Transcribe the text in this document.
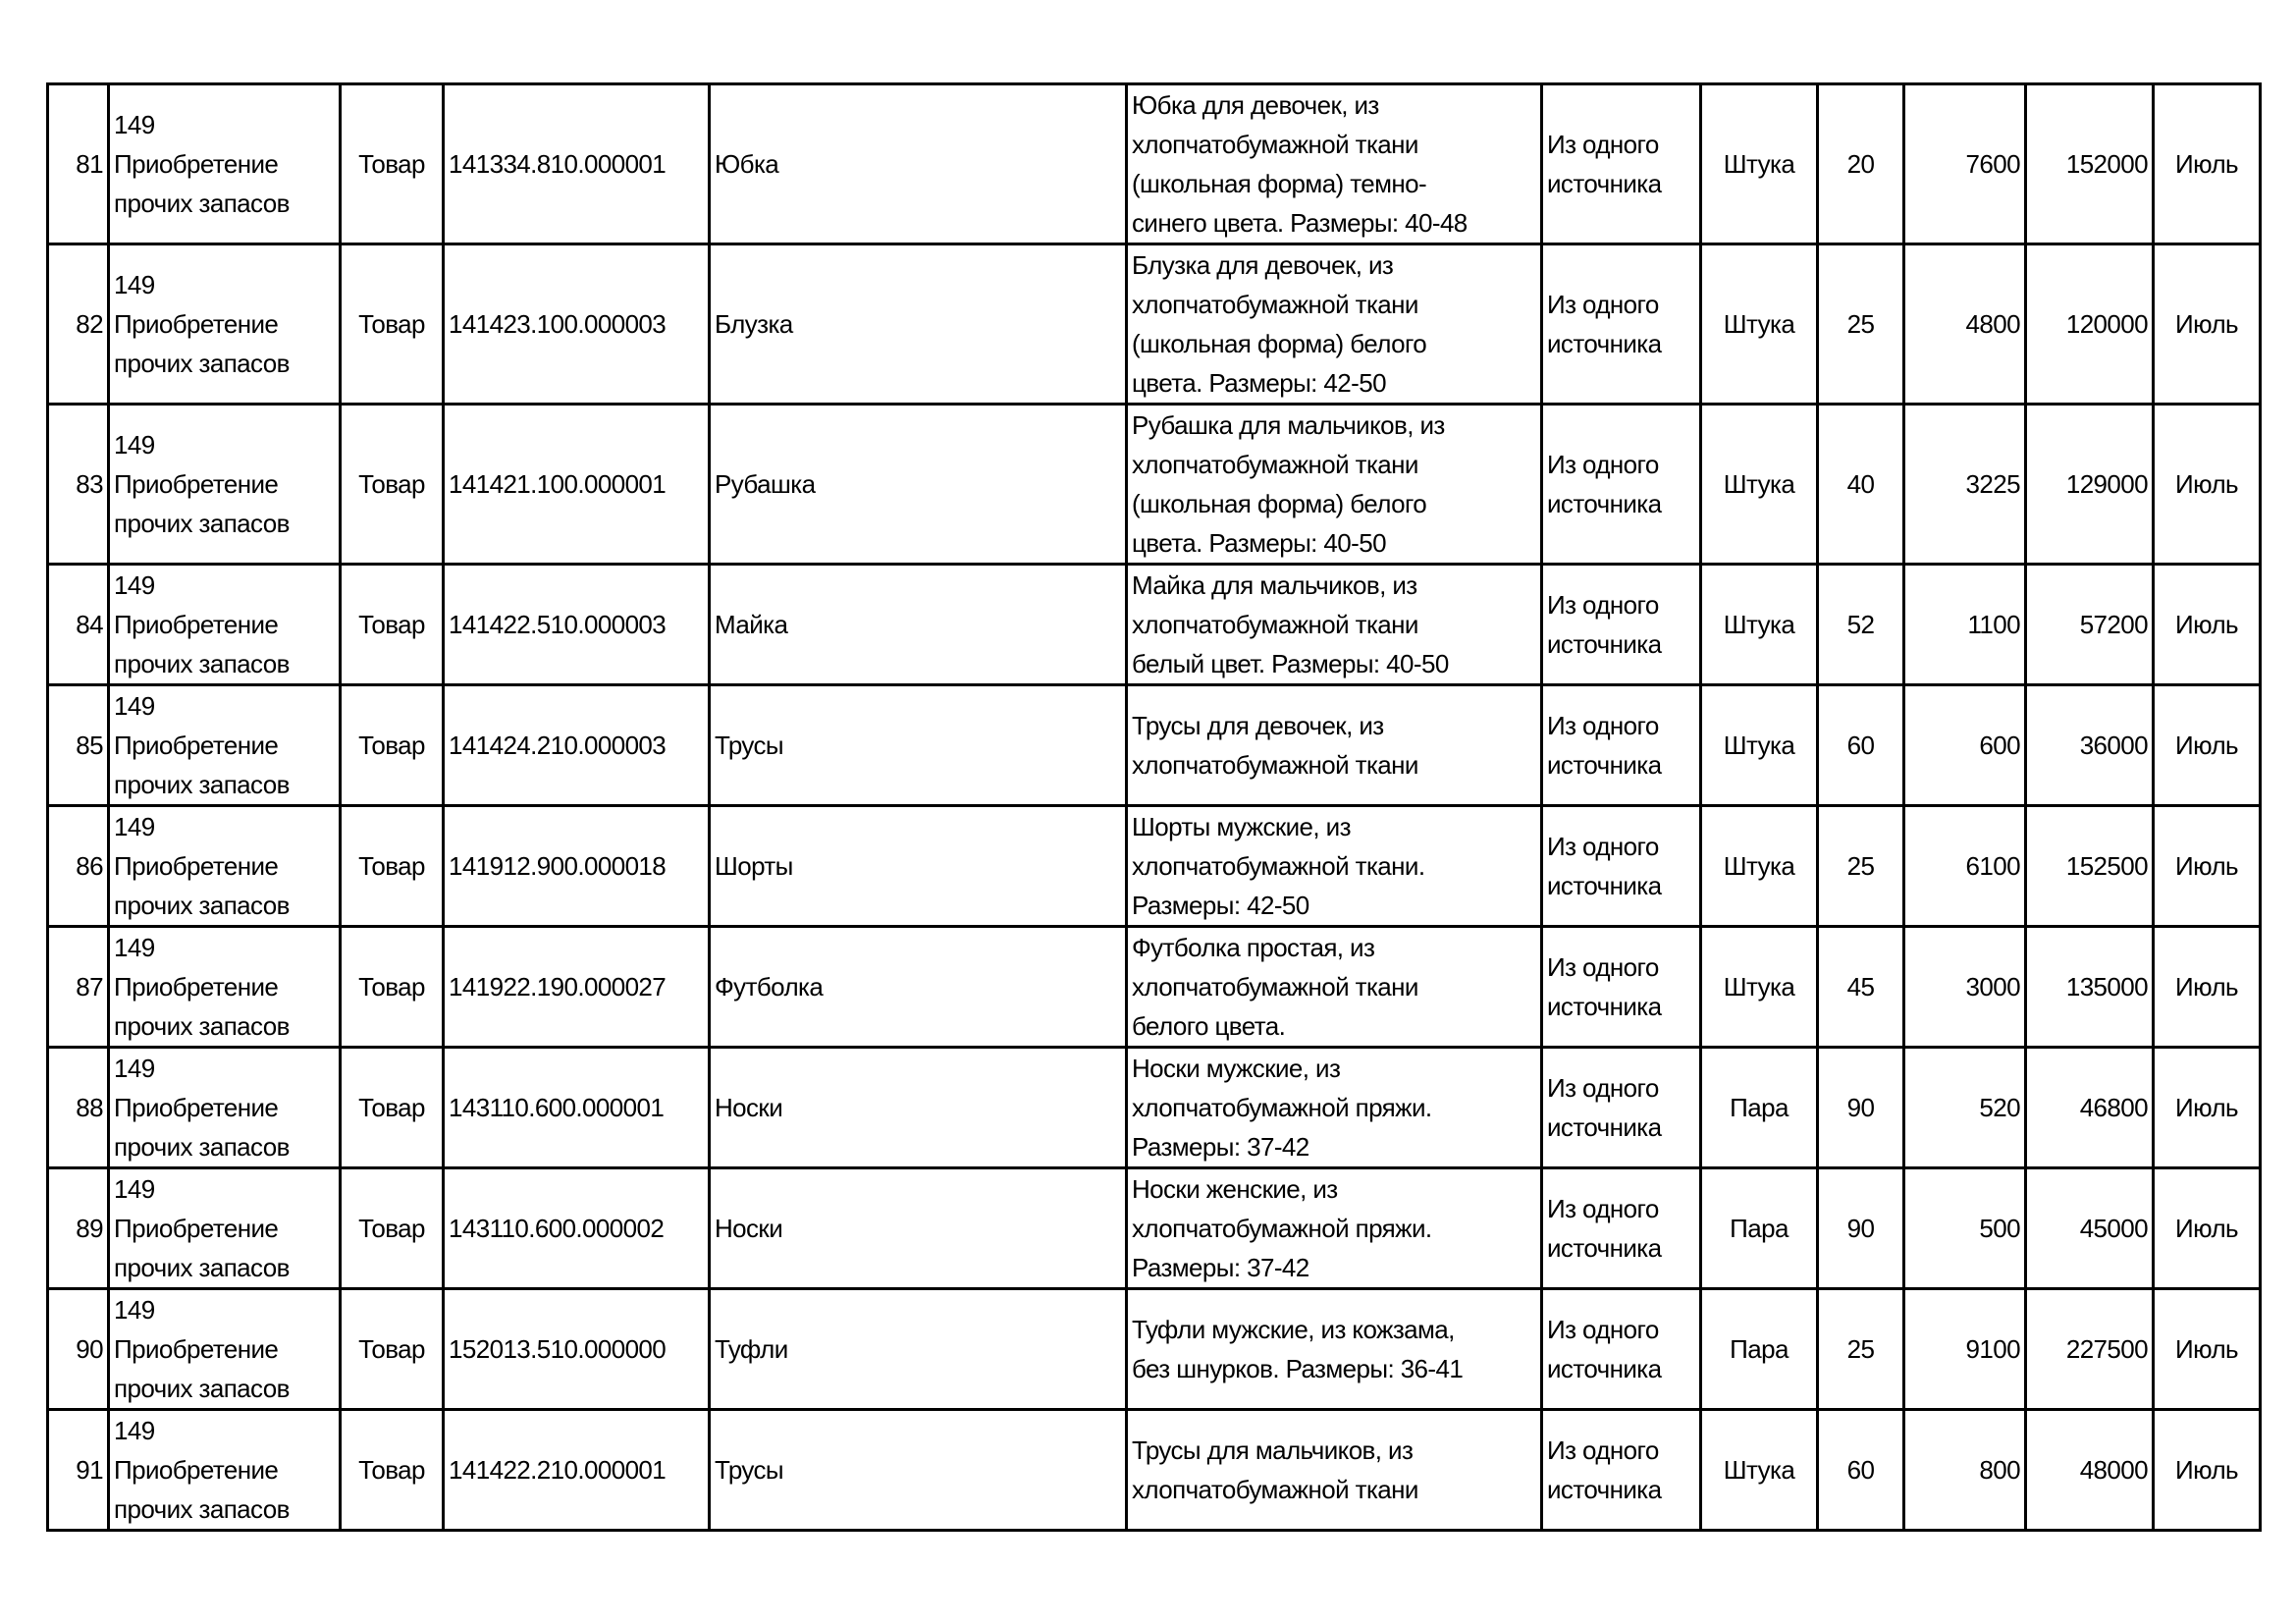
81	149
Приобретение
прочих запасов	Товар	141334.810.000001	Юбка	Юбка для девочек, из
хлопчатобумажной ткани
(школьная форма) темно-
синего цвета. Размеры: 40-48	Из одного
источника	Штука	20	7600	152000	Июль
82	149
Приобретение
прочих запасов	Товар	141423.100.000003	Блузка	Блузка для девочек, из
хлопчатобумажной ткани
(школьная форма) белого
цвета. Размеры: 42-50	Из одного
источника	Штука	25	4800	120000	Июль
83	149
Приобретение
прочих запасов	Товар	141421.100.000001	Рубашка	Рубашка для мальчиков, из
хлопчатобумажной ткани
(школьная форма) белого
цвета. Размеры: 40-50	Из одного
источника	Штука	40	3225	129000	Июль
84	149
Приобретение
прочих запасов	Товар	141422.510.000003	Майка	Майка для мальчиков, из
хлопчатобумажной ткани
белый цвет. Размеры: 40-50	Из одного
источника	Штука	52	1100	57200	Июль
85	149
Приобретение
прочих запасов	Товар	141424.210.000003	Трусы	Трусы для девочек, из
хлопчатобумажной ткани	Из одного
источника	Штука	60	600	36000	Июль
86	149
Приобретение
прочих запасов	Товар	141912.900.000018	Шорты	Шорты мужские, из
хлопчатобумажной ткани.
Размеры: 42-50	Из одного
источника	Штука	25	6100	152500	Июль
87	149
Приобретение
прочих запасов	Товар	141922.190.000027	Футболка	Футболка простая, из
хлопчатобумажной ткани
белого цвета.	Из одного
источника	Штука	45	3000	135000	Июль
88	149
Приобретение
прочих запасов	Товар	143110.600.000001	Носки	Носки мужские, из
хлопчатобумажной пряжи.
Размеры: 37-42	Из одного
источника	Пара	90	520	46800	Июль
89	149
Приобретение
прочих запасов	Товар	143110.600.000002	Носки	Носки женские, из
хлопчатобумажной пряжи.
Размеры: 37-42	Из одного
источника	Пара	90	500	45000	Июль
90	149
Приобретение
прочих запасов	Товар	152013.510.000000	Туфли	Туфли мужские, из кожзама,
без шнурков. Размеры: 36-41	Из одного
источника	Пара	25	9100	227500	Июль
91	149
Приобретение
прочих запасов	Товар	141422.210.000001	Трусы	Трусы для мальчиков, из
хлопчатобумажной ткани	Из одного
источника	Штука	60	800	48000	Июль
